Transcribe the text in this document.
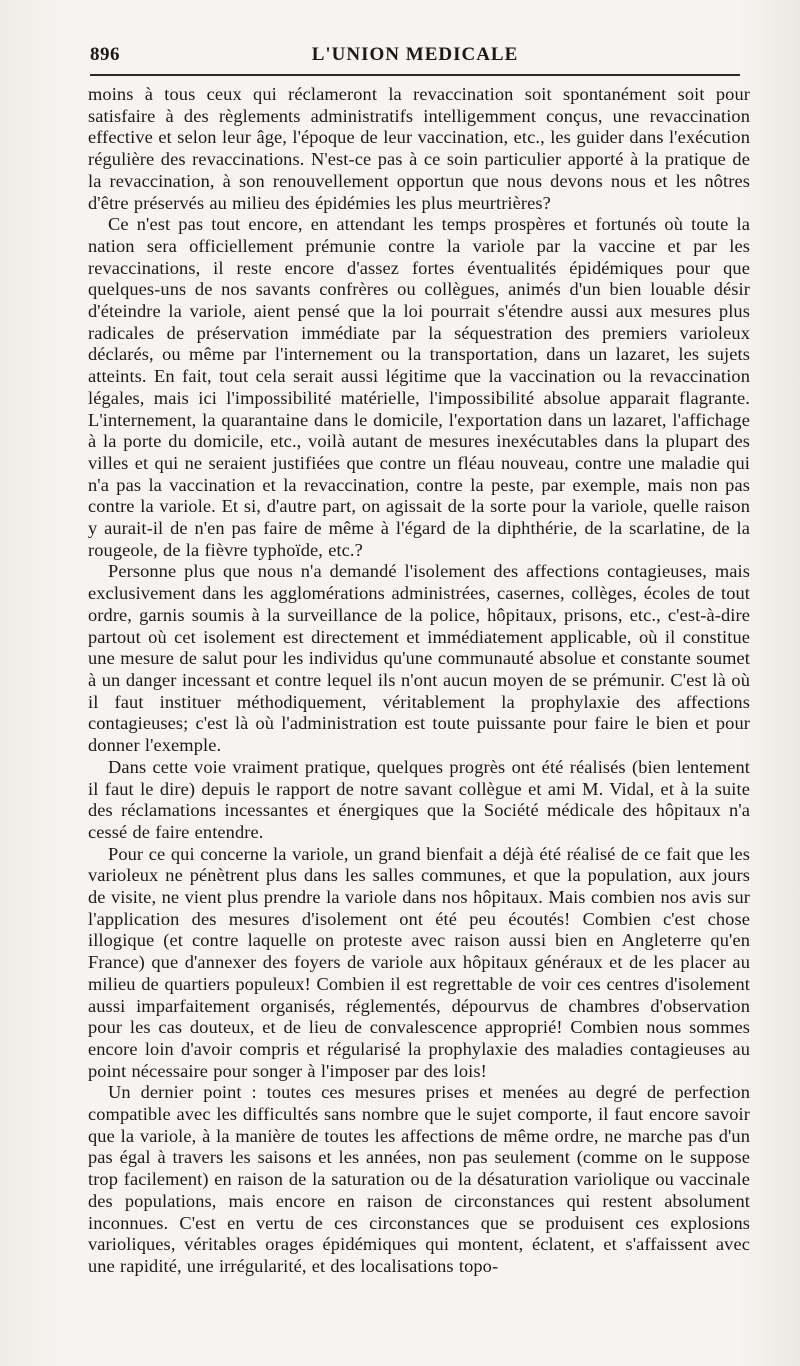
896	L'UNION MEDICALE

moins à tous ceux qui réclameront la revaccination soit spontanément soit pour satisfaire à des règlements administratifs intelligemment conçus, une revaccination effective et selon leur âge, l'époque de leur vaccination, etc., les guider dans l'exécution régulière des revaccinations. N'est-ce pas à ce soin particulier apporté à la pratique de la revaccination, à son renouvellement opportun que nous devons nous et les nôtres d'être préservés au milieu des épidémies les plus meurtrières?

Ce n'est pas tout encore, en attendant les temps prospères et fortunés où toute la nation sera officiellement prémunie contre la variole par la vaccine et par les revaccinations, il reste encore d'assez fortes éventualités épidémiques pour que quelques-uns de nos savants confrères ou collègues, animés d'un bien louable désir d'éteindre la variole, aient pensé que la loi pourrait s'étendre aussi aux mesures plus radicales de préservation immédiate par la séquestration des premiers varioleux déclarés, ou même par l'internement ou la transportation, dans un lazaret, les sujets atteints. En fait, tout cela serait aussi légitime que la vaccination ou la revaccination légales, mais ici l'impossibilité matérielle, l'impossibilité absolue apparait flagrante. L'internement, la quarantaine dans le domicile, l'exportation dans un lazaret, l'affichage à la porte du domicile, etc., voilà autant de mesures inexécutables dans la plupart des villes et qui ne seraient justifiées que contre un fléau nouveau, contre une maladie qui n'a pas la vaccination et la revaccination, contre la peste, par exemple, mais non pas contre la variole. Et si, d'autre part, on agissait de la sorte pour la variole, quelle raison y aurait-il de n'en pas faire de même à l'égard de la diphthérie, de la scarlatine, de la rougeole, de la fièvre typhoïde, etc.?

Personne plus que nous n'a demandé l'isolement des affections contagieuses, mais exclusivement dans les agglomérations administrées, casernes, collèges, écoles de tout ordre, garnis soumis à la surveillance de la police, hôpitaux, prisons, etc., c'est-à-dire partout où cet isolement est directement et immédiatement applicable, où il constitue une mesure de salut pour les individus qu'une communauté absolue et constante soumet à un danger incessant et contre lequel ils n'ont aucun moyen de se prémunir. C'est là où il faut instituer méthodiquement, véritablement la prophylaxie des affections contagieuses; c'est là où l'administration est toute puissante pour faire le bien et pour donner l'exemple.

Dans cette voie vraiment pratique, quelques progrès ont été réalisés (bien lentement il faut le dire) depuis le rapport de notre savant collègue et ami M. Vidal, et à la suite des réclamations incessantes et énergiques que la Société médicale des hôpitaux n'a cessé de faire entendre.

Pour ce qui concerne la variole, un grand bienfait a déjà été réalisé de ce fait que les varioleux ne pénètrent plus dans les salles communes, et que la population, aux jours de visite, ne vient plus prendre la variole dans nos hôpitaux. Mais combien nos avis sur l'application des mesures d'isolement ont été peu écoutés! Combien c'est chose illogique (et contre laquelle on proteste avec raison aussi bien en Angleterre qu'en France) que d'annexer des foyers de variole aux hôpitaux généraux et de les placer au milieu de quartiers populeux! Combien il est regrettable de voir ces centres d'isolement aussi imparfaitement organisés, réglementés, dépourvus de chambres d'observation pour les cas douteux, et de lieu de convalescence approprié! Combien nous sommes encore loin d'avoir compris et régularisé la prophylaxie des maladies contagieuses au point nécessaire pour songer à l'imposer par des lois!

Un dernier point : toutes ces mesures prises et menées au degré de perfection compatible avec les difficultés sans nombre que le sujet comporte, il faut encore savoir que la variole, à la manière de toutes les affections de même ordre, ne marche pas d'un pas égal à travers les saisons et les années, non pas seulement (comme on le suppose trop facilement) en raison de la saturation ou de la désaturation variolique ou vaccinale des populations, mais encore en raison de circonstances qui restent absolument inconnues. C'est en vertu de ces circonstances que se produisent ces explosions varioliques, véritables orages épidémiques qui montent, éclatent, et s'affaissent avec une rapidité, une irrégularité, et des localisations topo-
